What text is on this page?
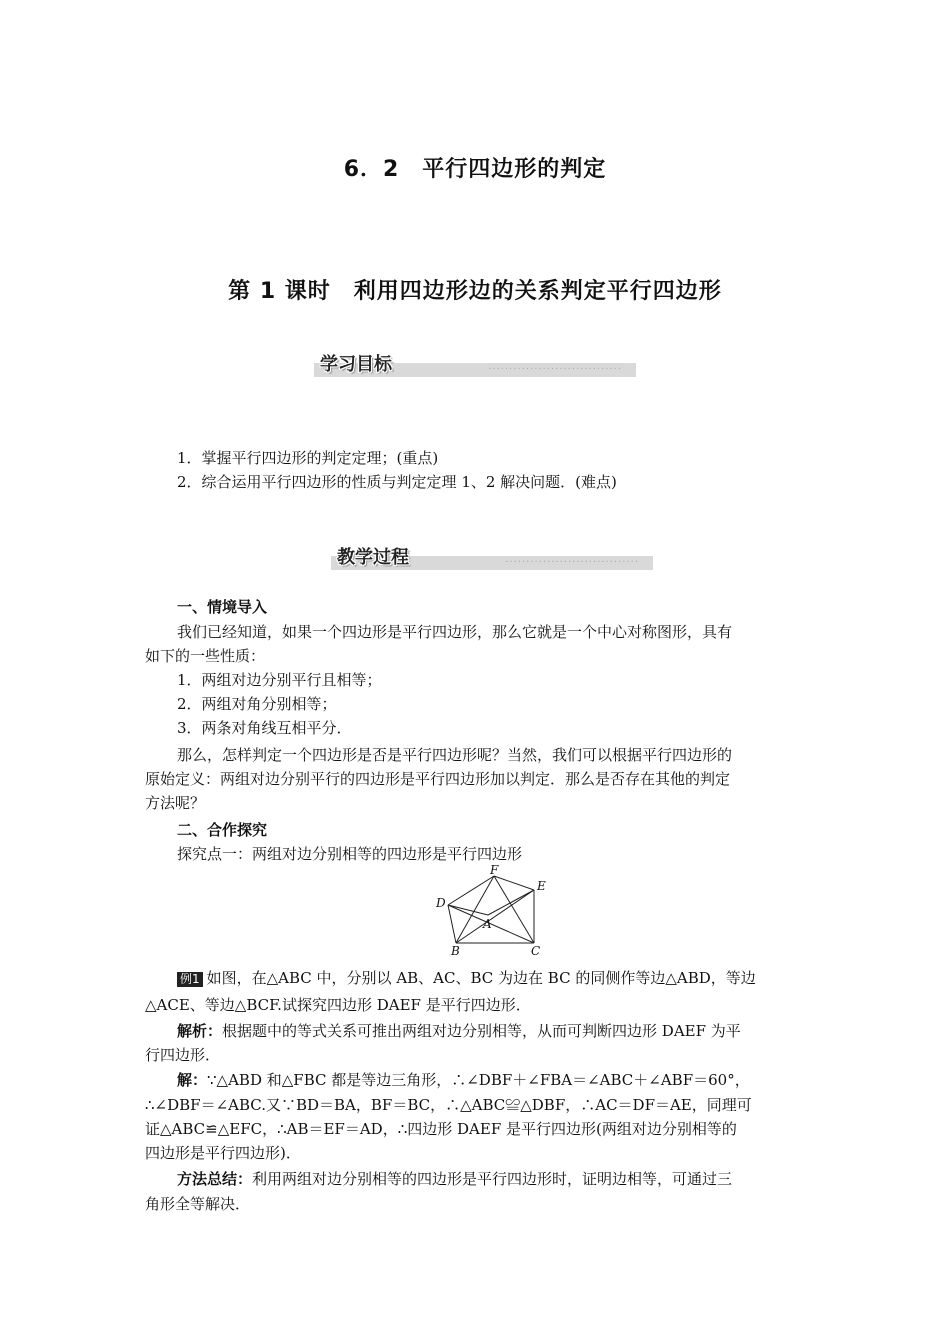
6．2　平行四边形的判定
第 1 课时　利用四边形边的关系判定平行四边形
································
学习目标
1．掌握平行四边形的判定定理；(重点)
2．综合运用平行四边形的性质与判定定理 1、2 解决问题．(难点)
································
教学过程
一、情境导入
我们已经知道，如果一个四边形是平行四边形，那么它就是一个中心对称图形，具有
如下的一些性质：
1．两组对边分别平行且相等；
2．两组对角分别相等；
3．两条对角线互相平分．
那么，怎样判定一个四边形是否是平行四边形呢？当然，我们可以根据平行四边形的
原始定义：两组对边分别平行的四边形是平行四边形加以判定．那么是否存在其他的判定
方法呢？
二、合作探究
探究点一：两组对边分别相等的四边形是平行四边形
F
E
D
A
B	C
例1 如图，在△ABC 中，分别以 AB、AC、BC 为边在 BC 的同侧作等边△ABD，等边
△ACE、等边△BCF.试探究四边形 DAEF 是平行四边形．
解析：根据题中的等式关系可推出两组对边分别相等，从而可判断四边形 DAEF 为平
行四边形．
解：∵△ABD 和△FBC 都是等边三角形，∴∠DBF＋∠FBA＝∠ABC＋∠ABF＝60°，
∴∠DBF＝∠ABC.又∵BD＝BA，BF＝BC，∴△ABC≌△DBF，∴AC＝DF＝AE，同理可
证△ABC≌△EFC，∴AB＝EF＝AD，∴四边形 DAEF 是平行四边形(两组对边分别相等的
四边形是平行四边形)．
方法总结：利用两组对边分别相等的四边形是平行四边形时，证明边相等，可通过三
角形全等解决．
